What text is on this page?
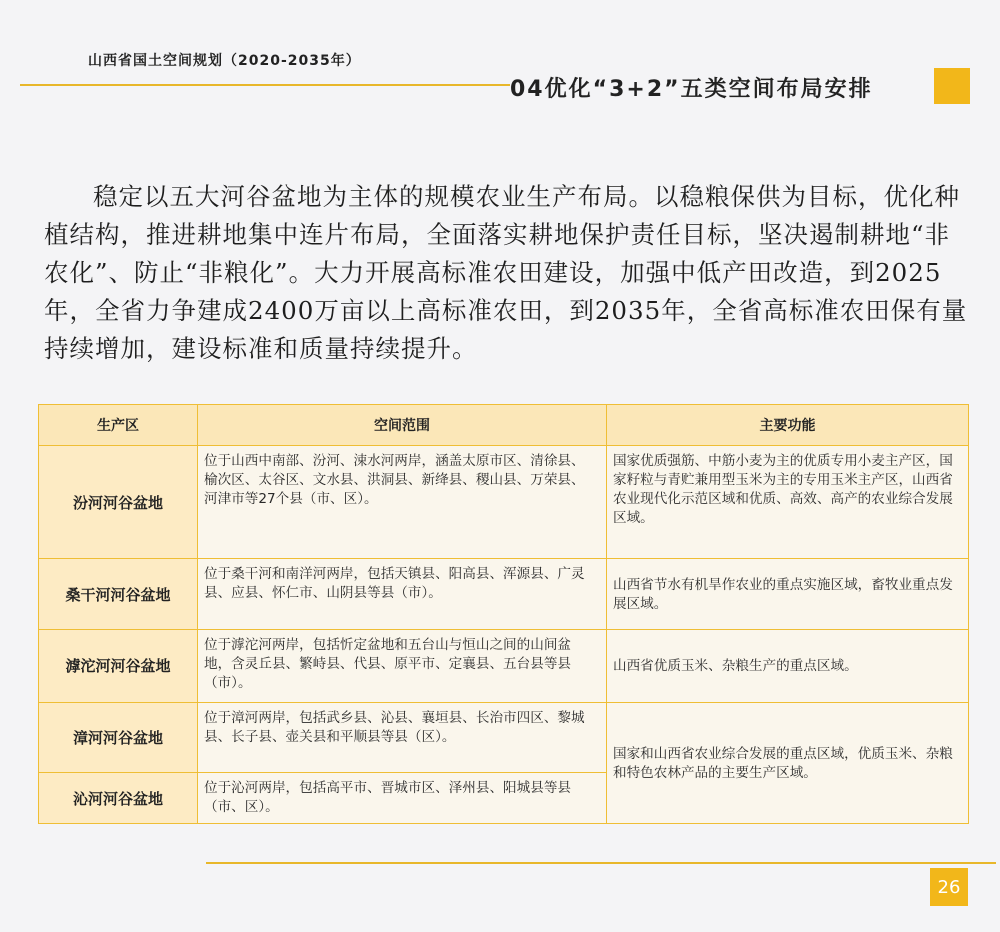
山西省国土空间规划（2020-2035年）
04优化“3+2”五类空间布局安排

稳定以五大河谷盆地为主体的规模农业生产布局。以稳粮保供为目标，优化种植结构，推进耕地集中连片布局，全面落实耕地保护责任目标，坚决遏制耕地“非农化”、防止“非粮化”。大力开展高标准农田建设，加强中低产田改造，到2025年，全省力争建成2400万亩以上高标准农田，到2035年，全省高标准农田保有量持续增加，建设标准和质量持续提升。

生产区	空间范围	主要功能
汾河河谷盆地	位于山西中南部、汾河、涑水河两岸，涵盖太原市区、清徐县、榆次区、太谷区、文水县、洪洞县、新绛县、稷山县、万荣县、河津市等27个县（市、区）。	国家优质强筋、中筋小麦为主的优质专用小麦主产区，国家籽粒与青贮兼用型玉米为主的专用玉米主产区，山西省农业现代化示范区域和优质、高效、高产的农业综合发展区域。
桑干河河谷盆地	位于桑干河和南洋河两岸，包括天镇县、阳高县、浑源县、广灵县、应县、怀仁市、山阴县等县（市）。	山西省节水有机旱作农业的重点实施区域，畜牧业重点发展区域。
滹沱河河谷盆地	位于滹沱河两岸，包括忻定盆地和五台山与恒山之间的山间盆地，含灵丘县、繁峙县、代县、原平市、定襄县、五台县等县（市）。	山西省优质玉米、杂粮生产的重点区域。
漳河河谷盆地	位于漳河两岸，包括武乡县、沁县、襄垣县、长治市四区、黎城县、长子县、壶关县和平顺县等县（区）。	国家和山西省农业综合发展的重点区域，优质玉米、杂粮和特色农林产品的主要生产区域。
沁河河谷盆地	位于沁河两岸，包括高平市、晋城市区、泽州县、阳城县等县（市、区）。	
26
